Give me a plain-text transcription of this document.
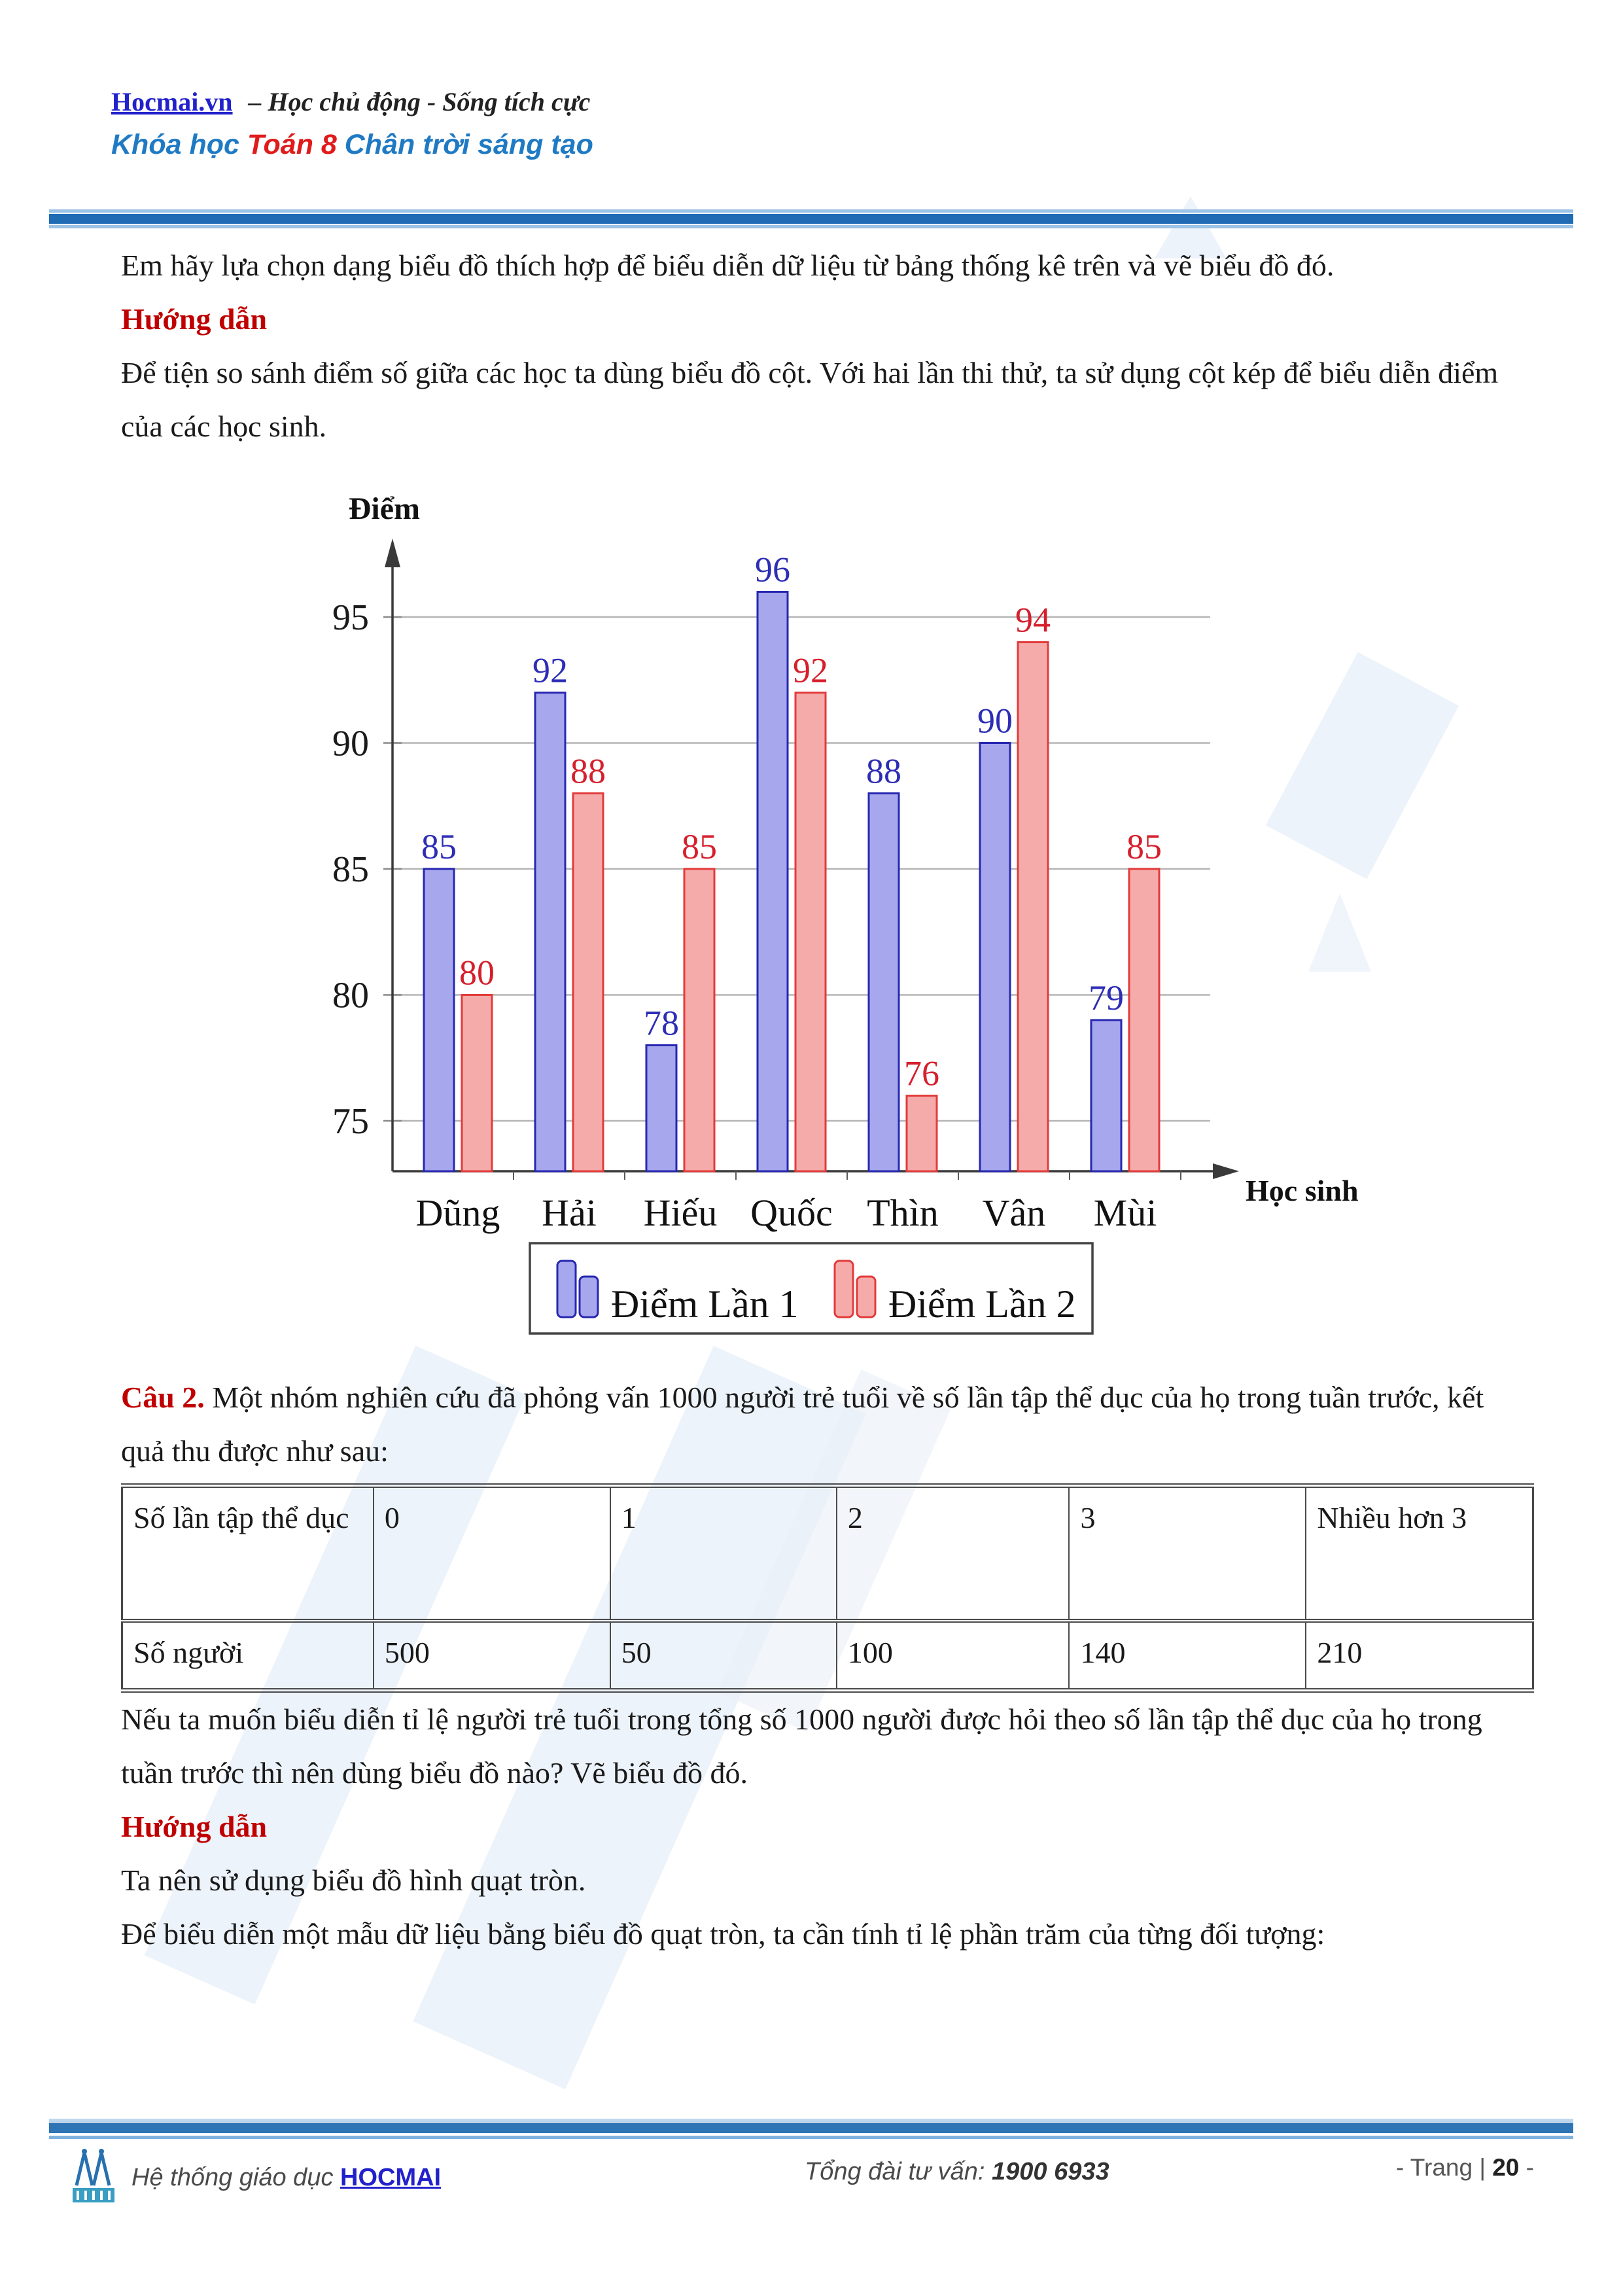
Hocmai.vn – Học chủ động - Sống tích cực
Khóa học Toán 8 Chân trời sáng tạo

Em hãy lựa chọn dạng biểu đồ thích hợp để biểu diễn dữ liệu từ bảng thống kê trên và vẽ biểu đồ đó.

Hướng dẫn

Để tiện so sánh điểm số giữa các học ta dùng biểu đồ cột. Với hai lần thi thử, ta sử dụng cột kép để biểu diễn điểm của các học sinh.

75
80
85
90
95
Điểm
Học sinh
Dũng
85
80
Hải
92
88
Hiếu
78
85
Quốc
96
92
Thìn
88
76
Vân
90
94
Mùi
79
85
Điểm Lần 1 Điểm Lần 2

Câu 2. Một nhóm nghiên cứu đã phỏng vấn 1000 người trẻ tuổi về số lần tập thể dục của họ trong tuần trước, kết quả thu được như sau:

Số lần tập thể dục	0	1	2	3	Nhiều hơn 3
Số người	500	50	100	140	210

Nếu ta muốn biểu diễn tỉ lệ người trẻ tuổi trong tổng số 1000 người được hỏi theo số lần tập thể dục của họ trong tuần trước thì nên dùng biểu đồ nào? Vẽ biểu đồ đó.

Hướng dẫn

Ta nên sử dụng biểu đồ hình quạt tròn.

Để biểu diễn một mẫu dữ liệu bằng biểu đồ quạt tròn, ta cần tính tỉ lệ phần trăm của từng đối tượng:

Hệ thống giáo dục HOCMAI	Tổng đài tư vấn: 1900 6933	- Trang | 20 -
